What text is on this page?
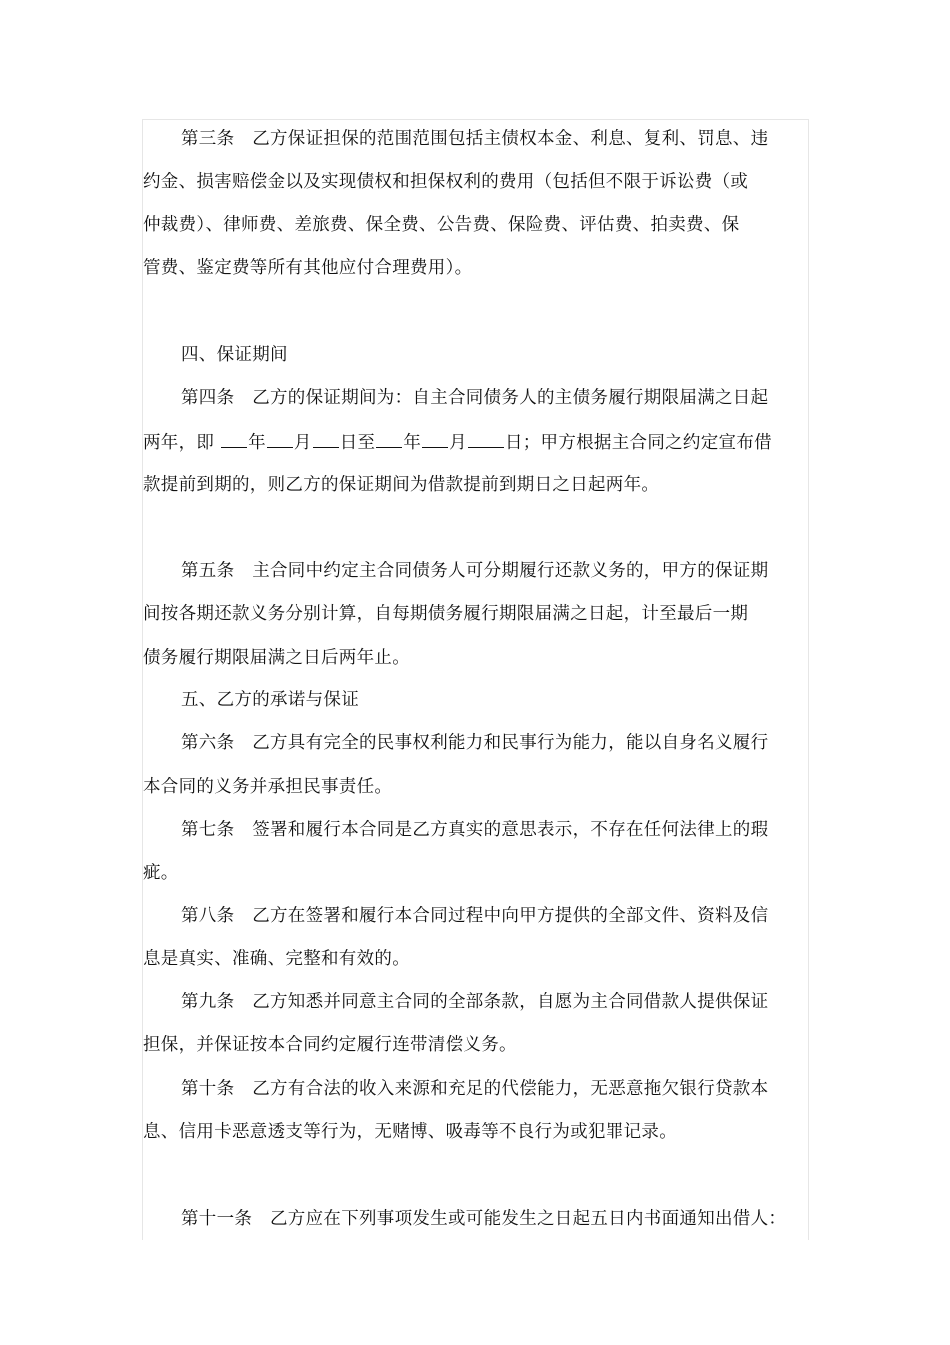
第三条　乙方保证担保的范围范围包括主债权本金、利息、复利、罚息、违
约金、损害赔偿金以及实现债权和担保权利的费用（包括但不限于诉讼费（或
仲裁费）、律师费、差旅费、保全费、公告费、保险费、评估费、拍卖费、保
管费、鉴定费等所有其他应付合理费用）。
四、保证期间
第四条　乙方的保证期间为：自主合同债务人的主债务履行期限届满之日起
两年，即 年 月 日至 年 月 日；甲方根据主合同之约定宣布借
款提前到期的，则乙方的保证期间为借款提前到期日之日起两年。
第五条　主合同中约定主合同债务人可分期履行还款义务的，甲方的保证期
间按各期还款义务分别计算，自每期债务履行期限届满之日起，计至最后一期
债务履行期限届满之日后两年止。
五、乙方的承诺与保证
第六条　乙方具有完全的民事权利能力和民事行为能力，能以自身名义履行
本合同的义务并承担民事责任。
第七条　签署和履行本合同是乙方真实的意思表示，不存在任何法律上的瑕
疵。
第八条　乙方在签署和履行本合同过程中向甲方提供的全部文件、资料及信
息是真实、准确、完整和有效的。
第九条　乙方知悉并同意主合同的全部条款，自愿为主合同借款人提供保证
担保，并保证按本合同约定履行连带清偿义务。
第十条　乙方有合法的收入来源和充足的代偿能力，无恶意拖欠银行贷款本
息、信用卡恶意透支等行为，无赌博、吸毒等不良行为或犯罪记录。
第十一条　乙方应在下列事项发生或可能发生之日起五日内书面通知出借人：
